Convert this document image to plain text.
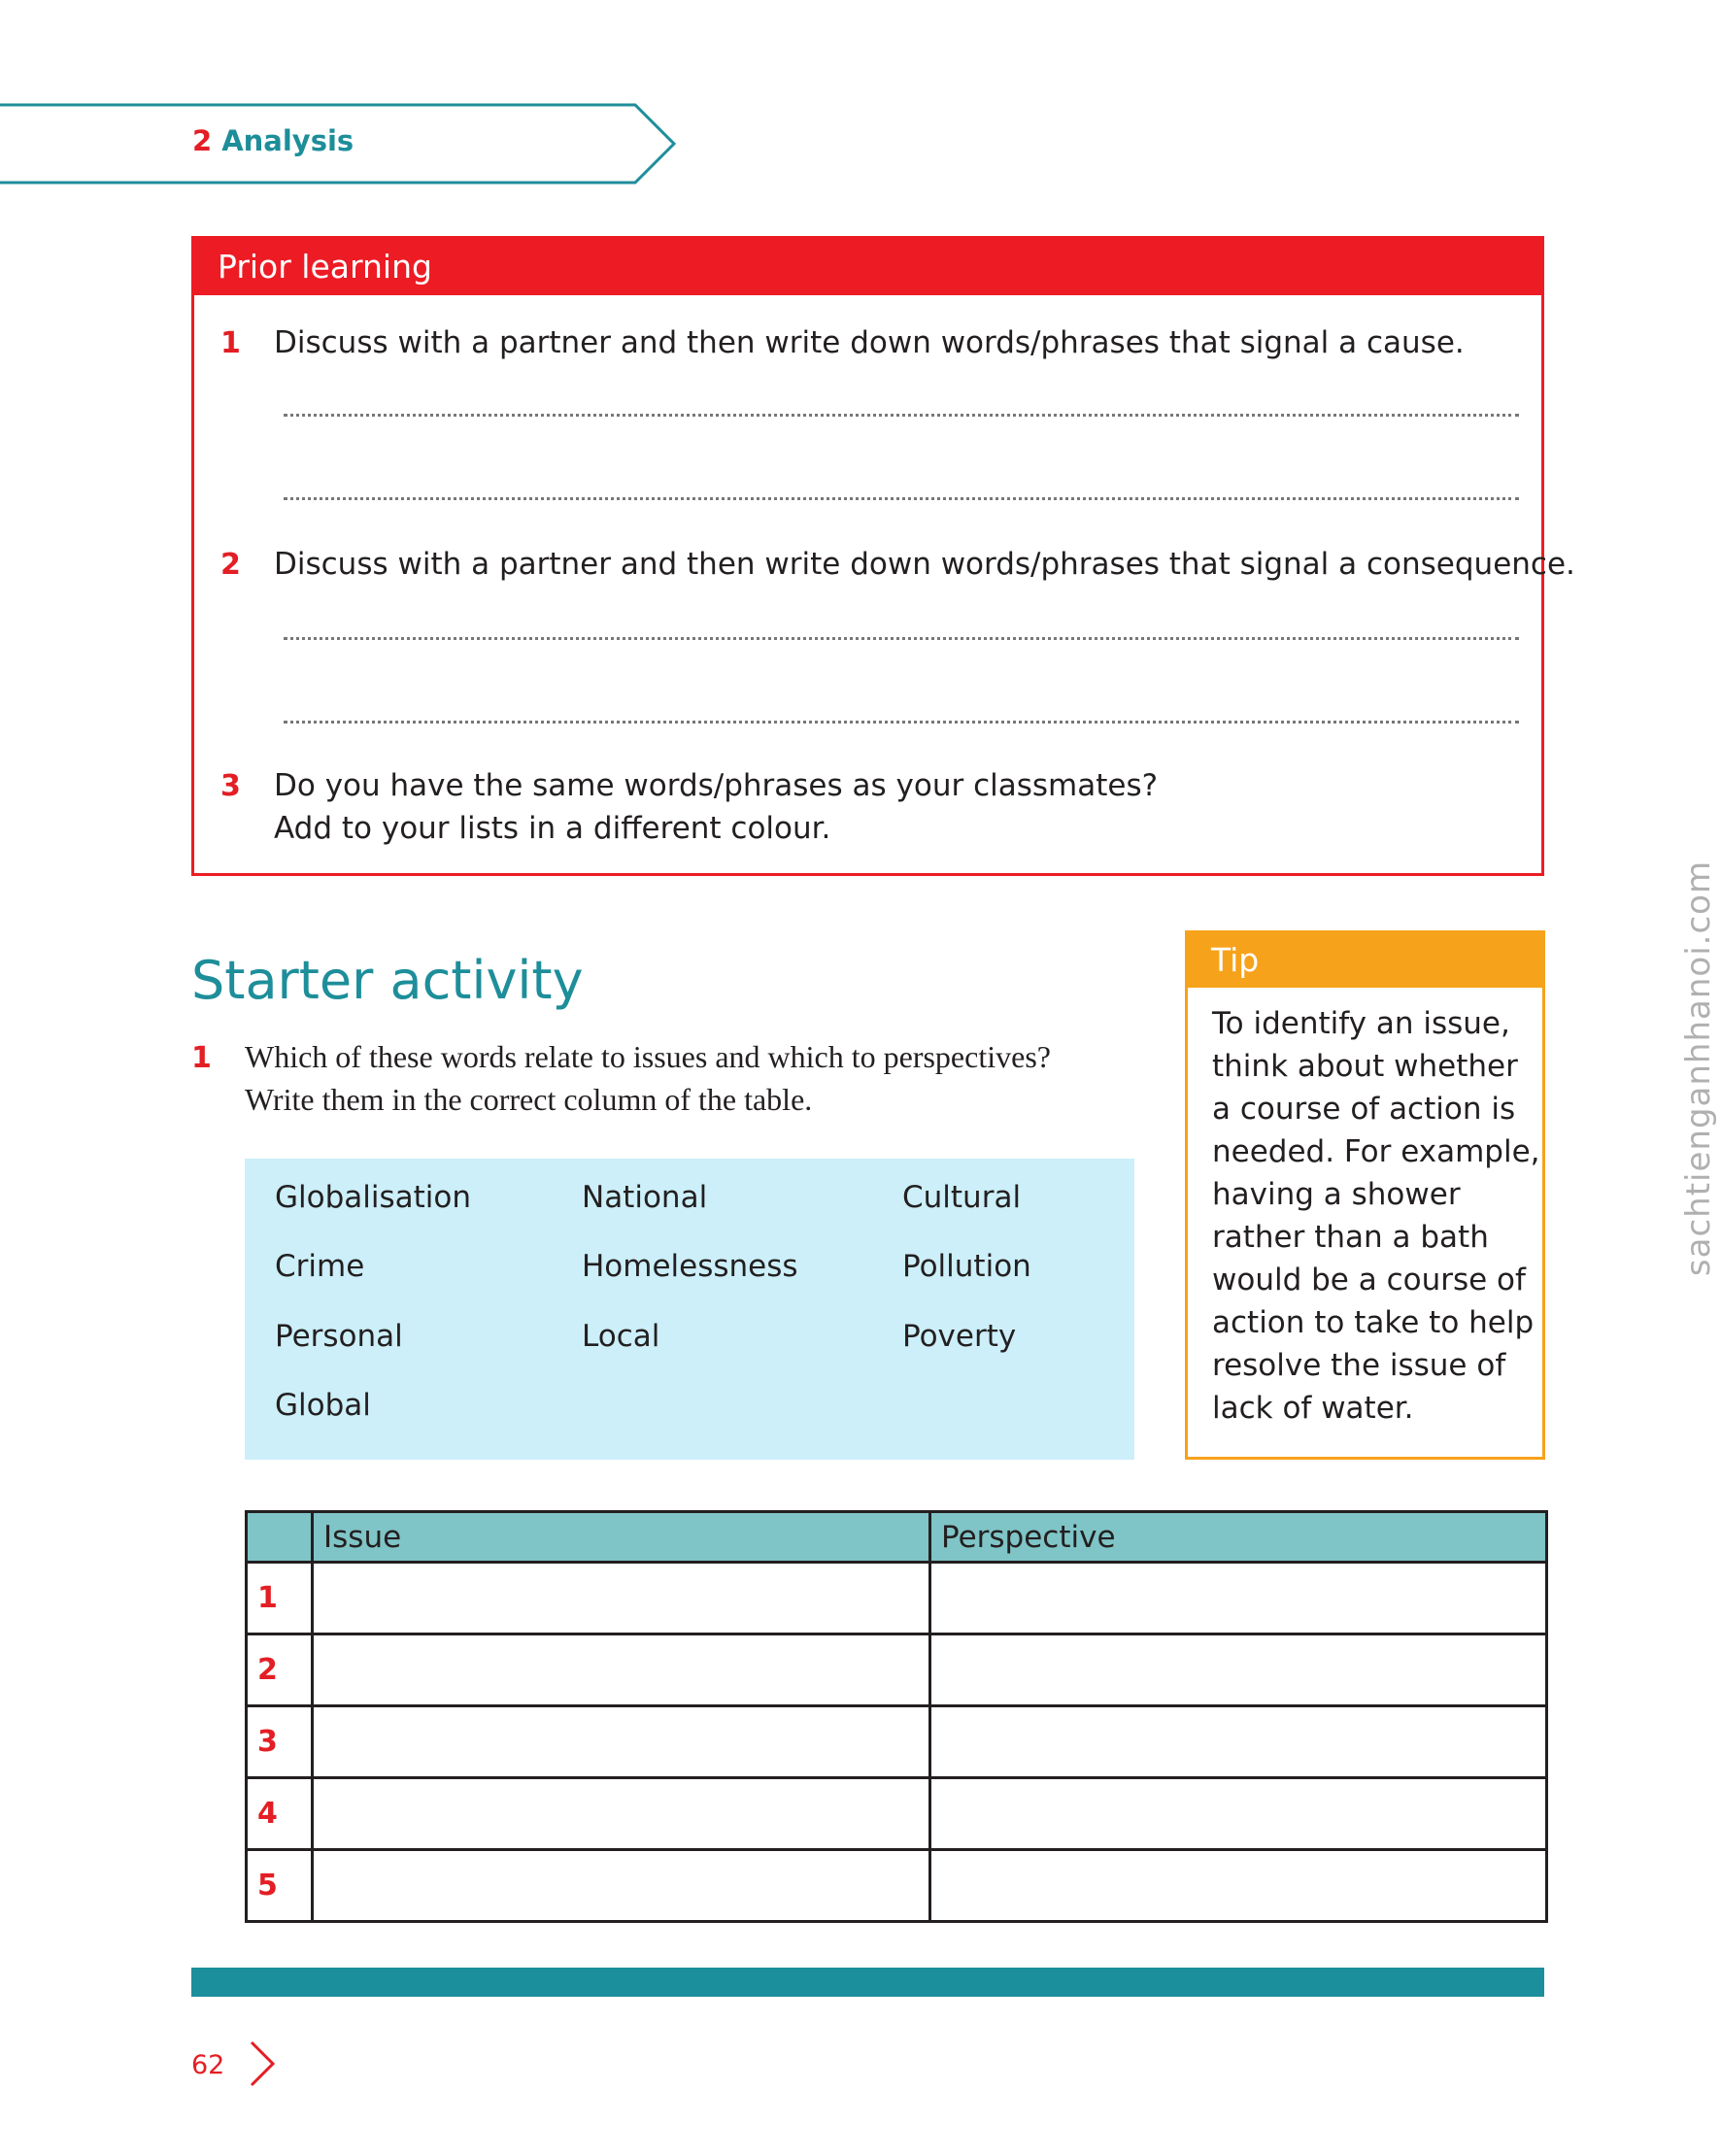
2 Analysis
Prior learning
1 Discuss with a partner and then write down words/phrases that signal a cause.
2 Discuss with a partner and then write down words/phrases that signal a consequence.
3 Do you have the same words/phrases as your classmates?
Add to your lists in a different colour.
Starter activity
1 Which of these words relate to issues and which to perspectives?
Write them in the correct column of the table.
Globalisation	National	Cultural
Crime	Homelessness	Pollution
Personal	Local	Poverty
Global
Tip
To identify an issue,
think about whether
a course of action is
needed. For example,
having a shower
rather than a bath
would be a course of
action to take to help
resolve the issue of
lack of water.
	Issue	Perspective
1		
2		
3		
4		
5		
62
sachtienganhhanoi.com
